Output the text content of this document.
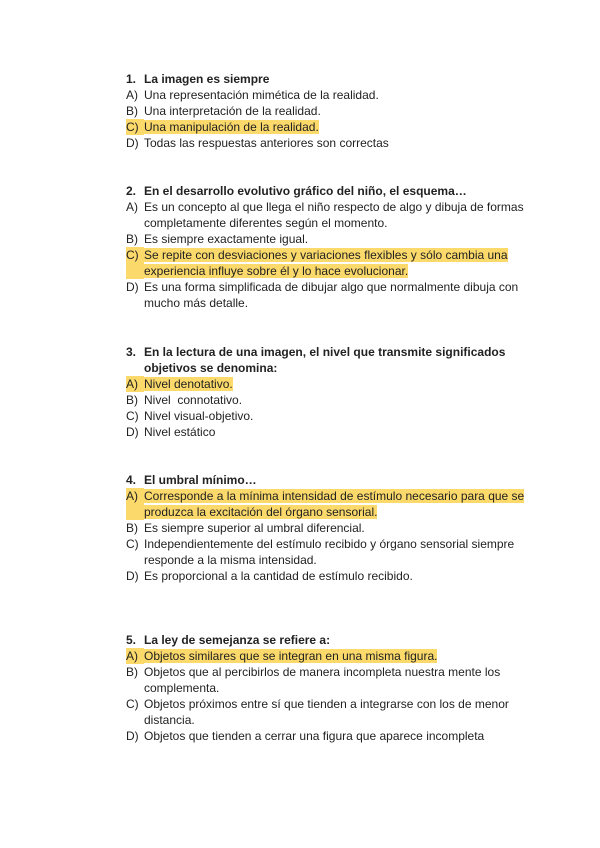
1. La imagen es siempre
A) Una representación mimética de la realidad.
B) Una interpretación de la realidad.
C) Una manipulación de la realidad.
D) Todas las respuestas anteriores son correctas
2. En el desarrollo evolutivo gráfico del niño, el esquema…
A) Es un concepto al que llega el niño respecto de algo y dibuja de formas completamente diferentes según el momento.
B) Es siempre exactamente igual.
C) Se repite con desviaciones y variaciones flexibles y sólo cambia una experiencia influye sobre él y lo hace evolucionar.
D) Es una forma simplificada de dibujar algo que normalmente dibuja con mucho más detalle.
3. En la lectura de una imagen, el nivel que transmite significados objetivos se denomina:
A) Nivel denotativo.
B) Nivel  connotativo.
C) Nivel visual-objetivo.
D) Nivel estático
4. El umbral mínimo…
A) Corresponde a la mínima intensidad de estímulo necesario para que se produzca la excitación del órgano sensorial.
B) Es siempre superior al umbral diferencial.
C) Independientemente del estímulo recibido y órgano sensorial siempre responde a la misma intensidad.
D) Es proporcional a la cantidad de estímulo recibido.
5. La ley de semejanza se refiere a:
A) Objetos similares que se integran en una misma figura.
B) Objetos que al percibirlos de manera incompleta nuestra mente los complementa.
C) Objetos próximos entre sí que tienden a integrarse con los de menor distancia.
D) Objetos que tienden a cerrar una figura que aparece incompleta
